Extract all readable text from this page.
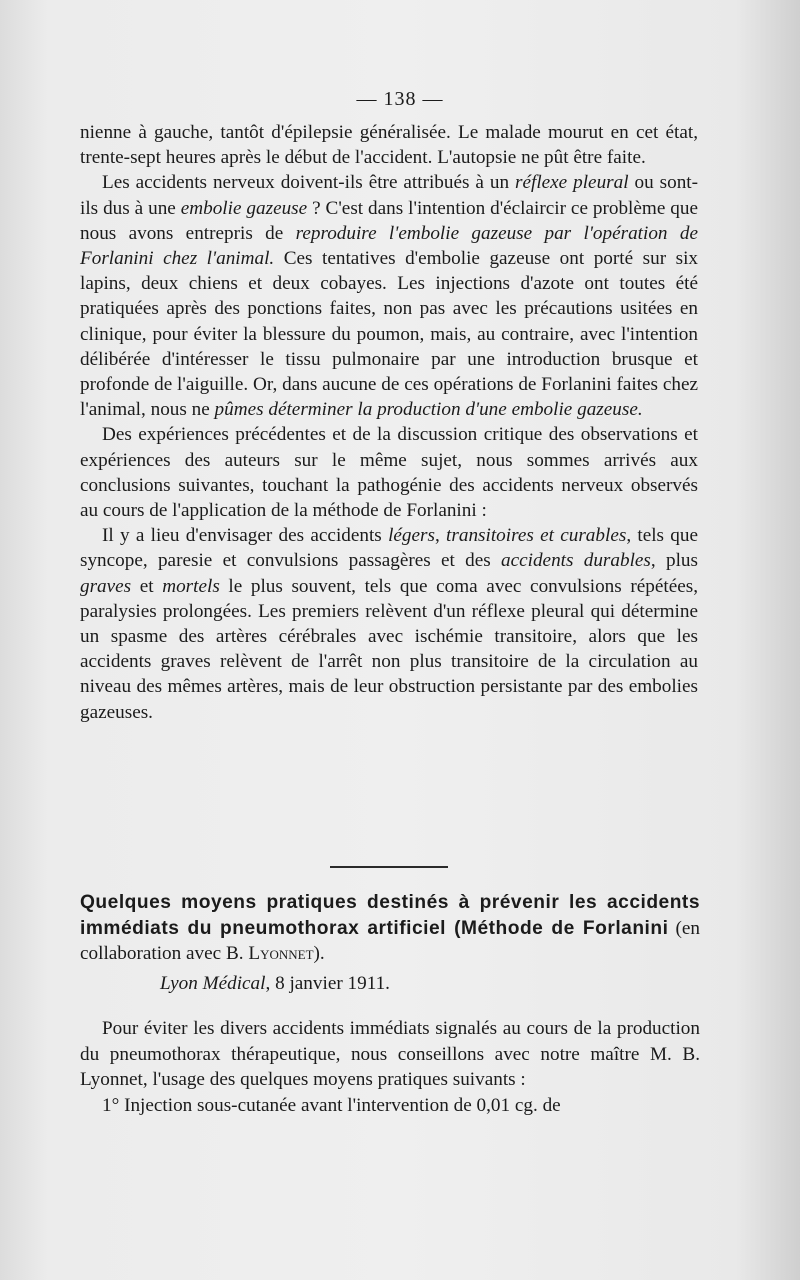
— 138 —

nienne à gauche, tantôt d'épilepsie généralisée. Le malade mourut en cet état, trente-sept heures après le début de l'accident. L'autopsie ne pût être faite.

Les accidents nerveux doivent-ils être attribués à un réflexe pleural ou sont-ils dus à une embolie gazeuse ? C'est dans l'intention d'éclaircir ce problème que nous avons entrepris de reproduire l'embolie gazeuse par l'opération de Forlanini chez l'animal. Ces tentatives d'embolie gazeuse ont porté sur six lapins, deux chiens et deux cobayes. Les injections d'azote ont toutes été pratiquées après des ponctions faites, non pas avec les précautions usitées en clinique, pour éviter la blessure du poumon, mais, au contraire, avec l'intention délibérée d'intéresser le tissu pulmonaire par une introduction brusque et profonde de l'aiguille. Or, dans aucune de ces opérations de Forlanini faites chez l'animal, nous ne pûmes déterminer la production d'une embolie gazeuse.

Des expériences précédentes et de la discussion critique des observations et expériences des auteurs sur le même sujet, nous sommes arrivés aux conclusions suivantes, touchant la pathogénie des accidents nerveux observés au cours de l'application de la méthode de Forlanini :

Il y a lieu d'envisager des accidents légers, transitoires et curables, tels que syncope, paresie et convulsions passagères et des accidents durables, plus graves et mortels le plus souvent, tels que coma avec convulsions répétées, paralysies prolongées. Les premiers relèvent d'un réflexe pleural qui détermine un spasme des artères cérébrales avec ischémie transitoire, alors que les accidents graves relèvent de l'arrêt non plus transitoire de la circulation au niveau des mêmes artères, mais de leur obstruction persistante par des embolies gazeuses.

Quelques moyens pratiques destinés à prévenir les accidents immédiats du pneumothorax artificiel (Méthode de Forlanini (en collaboration avec B. Lyonnet).

Lyon Médical, 8 janvier 1911.

Pour éviter les divers accidents immédiats signalés au cours de la production du pneumothorax thérapeutique, nous conseillons avec notre maître M. B. Lyonnet, l'usage des quelques moyens pratiques suivants :

1° Injection sous-cutanée avant l'intervention de 0,01 cg. de
